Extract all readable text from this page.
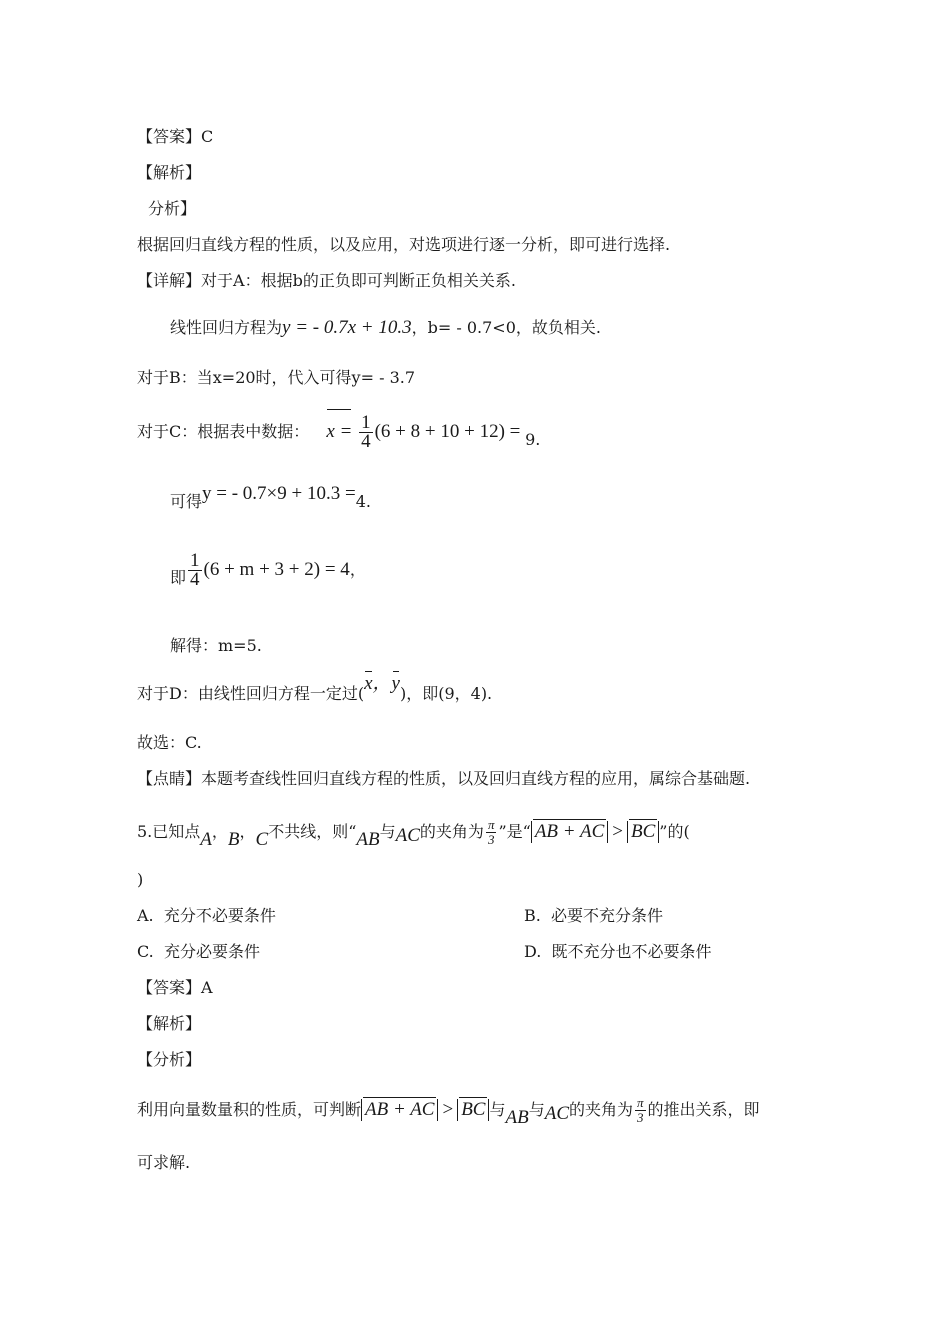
【答案】C
【解析】
分析】
根据回归直线方程的性质，以及应用，对选项进行逐一分析，即可进行选择.
【详解】对于A：根据b的正负即可判断正负相关关系.
线性回归方程为y = - 0.7x + 10.3，b= - 0.7<0，故负相关.
对于B：当x=20时，代入可得y= - 3.7
对于C：根据表中数据： $x = \frac{1}{4} (6 + 8 + 10 + 12) = 9$.
可得y = - 0.7×9 + 10.3 =4.
即 $\frac{1}{4} (6 + m + 3 + 2) = 4$，
解得：m=5.
对于D：由线性回归方程一定过(x，y)，即(9，4).
故选：C.
【点睛】本题考查线性回归直线方程的性质，以及回归直线方程的应用，属综合基础题.
5.已知点A，B，C不共线，则“AB与AC的夹角为 $\frac{\pi}{3}$ ”是“ AB + AC > BC ”的(
)
A. 充分不必要条件	B. 必要不充分条件
C. 充分必要条件	D. 既不充分也不必要条件
【答案】A
【解析】
【分析】
利用向量数量积的性质，可判断 AB + AC > BC 与AB与AC的夹角为 $\frac{\pi}{3}$ 的推出关系，即
可求解.
